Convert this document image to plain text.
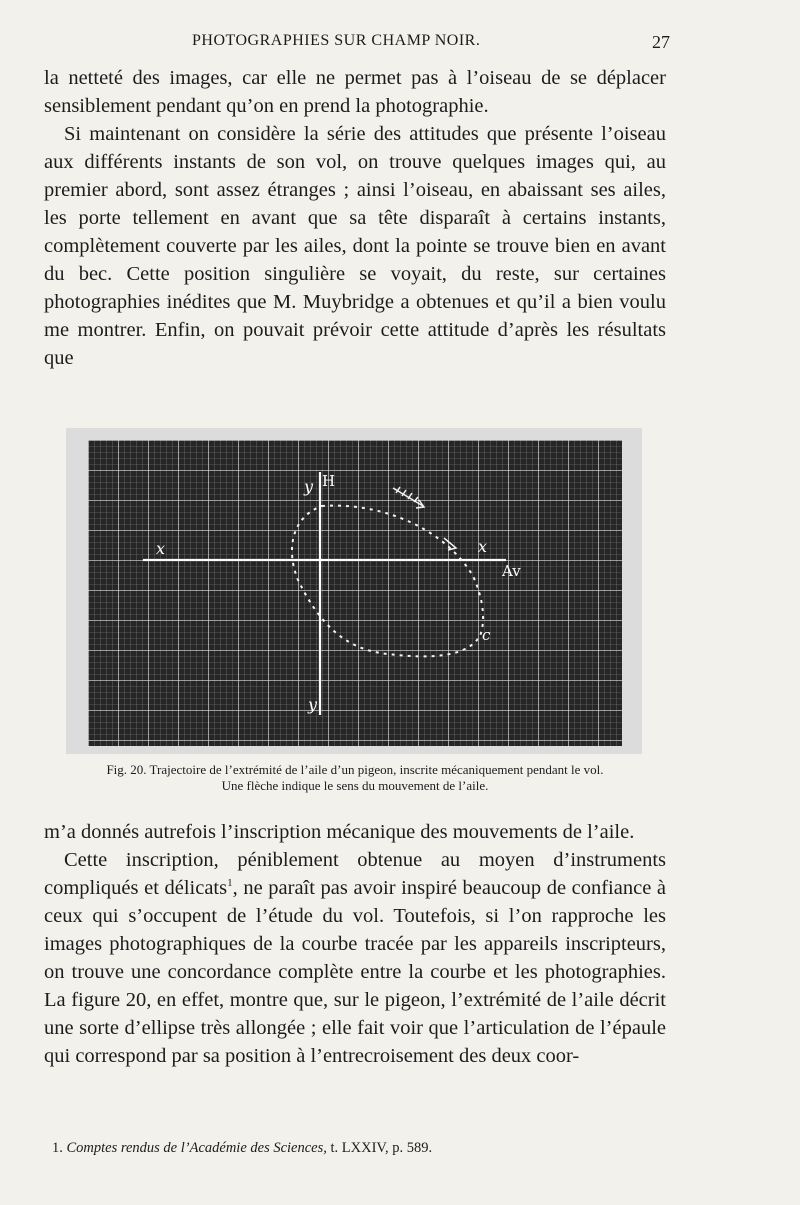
PHOTOGRAPHIES SUR CHAMP NOIR.	27

la netteté des images, car elle ne permet pas à l’oiseau de se déplacer sensiblement pendant qu’on en prend la photographie.

Si maintenant on considère la série des attitudes que présente l’oiseau aux différents instants de son vol, on trouve quelques images qui, au premier abord, sont assez étranges ; ainsi l’oiseau, en abaissant ses ailes, les porte tellement en avant que sa tête disparaît à certains instants, complètement couverte par les ailes, dont la pointe se trouve bien en avant du bec. Cette position singulière se voyait, du reste, sur certaines photographies inédites que M. Muybridge a obtenues et qu’il a bien voulu me montrer. Enfin, on pouvait prévoir cette attitude d’après les résultats que

y H
x	x
Av
c
y
Fig. 20. Trajectoire de l’extrémité de l’aile d’un pigeon, inscrite mécaniquement pendant le vol.
Une flèche indique le sens du mouvement de l’aile.

m’a donnés autrefois l’inscription mécanique des mouvements de l’aile.

Cette inscription, péniblement obtenue au moyen d’instruments compliqués et délicats$^1$, ne paraît pas avoir inspiré beaucoup de confiance à ceux qui s’occupent de l’étude du vol. Toutefois, si l’on rapproche les images photographiques de la courbe tracée par les appareils inscripteurs, on trouve une concordance complète entre la courbe et les photographies. La figure 20, en effet, montre que, sur le pigeon, l’extrémité de l’aile décrit une sorte d’ellipse très allongée ; elle fait voir que l’articulation de l’épaule qui correspond par sa position à l’entrecroisement des deux coor-

1. Comptes rendus de l’Académie des Sciences, t. LXXIV, p. 589.
